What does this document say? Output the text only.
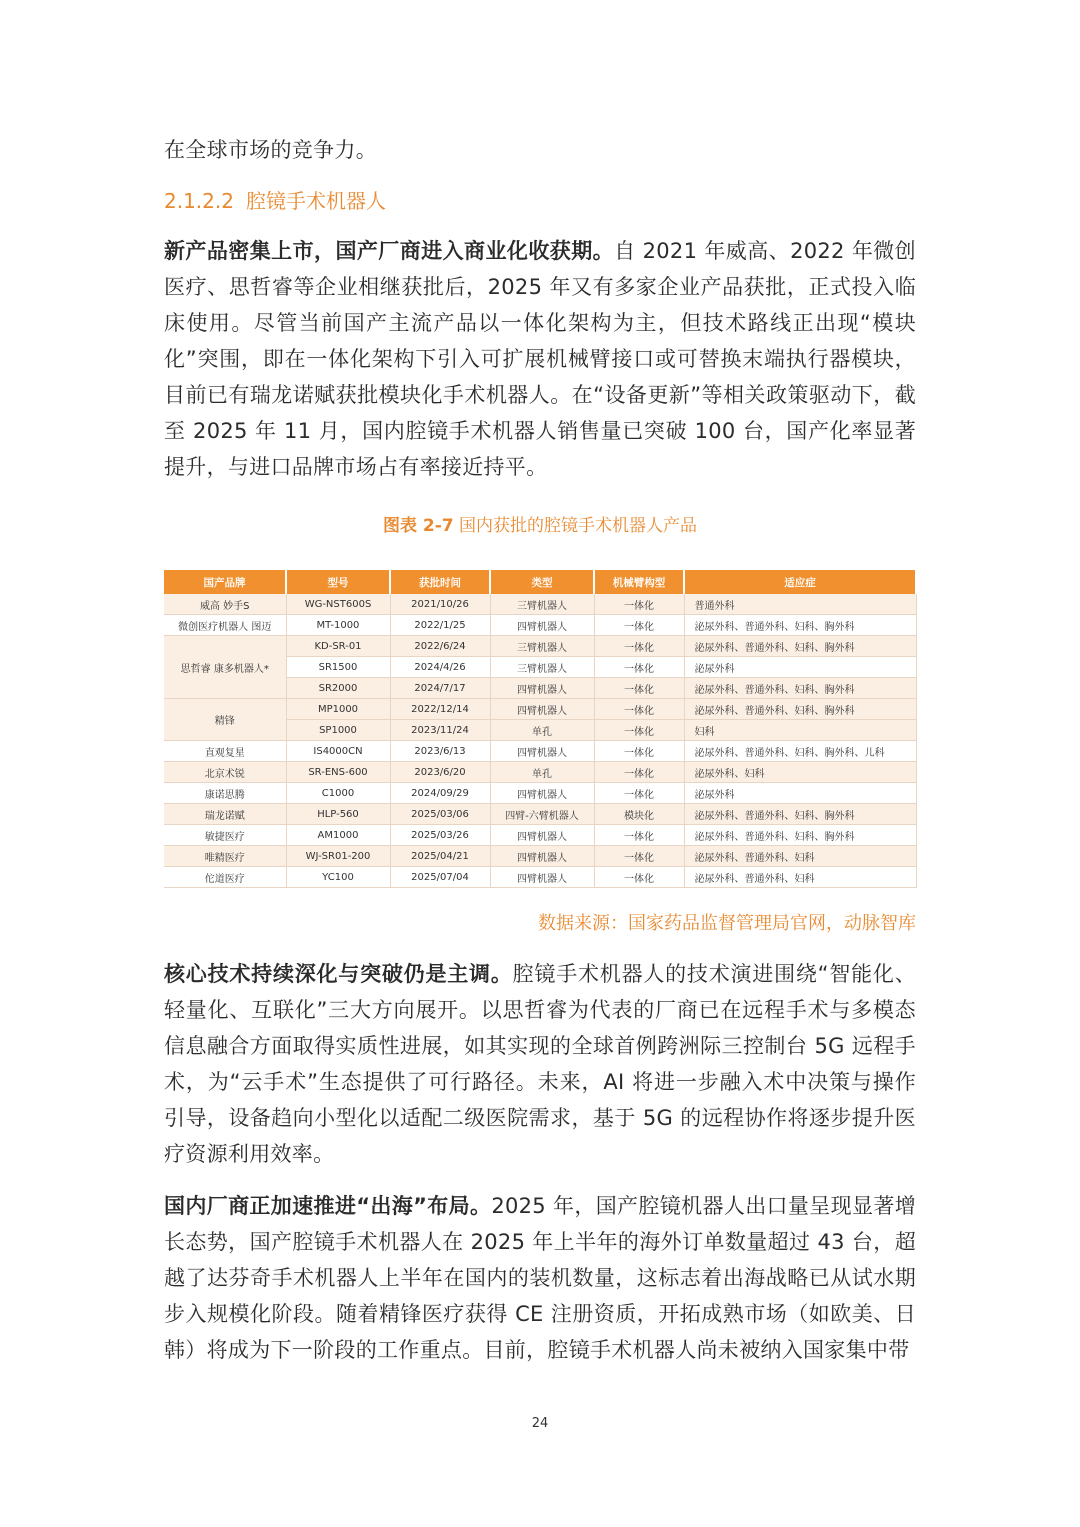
在全球市场的竞争力。

2.1.2.2 腔镜手术机器人

新产品密集上市，国产厂商进入商业化收获期。自 2021 年威高、2022 年微创医疗、思哲睿等企业相继获批后，2025 年又有多家企业产品获批，正式投入临床使用。尽管当前国产主流产品以一体化架构为主，但技术路线正出现“模块化”突围，即在一体化架构下引入可扩展机械臂接口或可替换末端执行器模块，目前已有瑞龙诺赋获批模块化手术机器人。在“设备更新”等相关政策驱动下，截至 2025 年 11 月，国内腔镜手术机器人销售量已突破 100 台，国产化率显著提升，与进口品牌市场占有率接近持平。

图表 2-7 国内获批的腔镜手术机器人产品
国产品牌	型号	获批时间	类型	机械臂构型	适应症
威高 妙手S	WG-NST600S	2021/10/26	三臂机器人	一体化	普通外科
微创医疗机器人 图迈	MT-1000	2022/1/25	四臂机器人	一体化	泌尿外科、普通外科、妇科、胸外科
思哲睿 康多机器人*	KD-SR-01	2022/6/24	三臂机器人	一体化	泌尿外科、普通外科、妇科、胸外科
	SR1500	2024/4/26	三臂机器人	一体化	泌尿外科
	SR2000	2024/7/17	四臂机器人	一体化	泌尿外科、普通外科、妇科、胸外科
精锋	MP1000	2022/12/14	四臂机器人	一体化	泌尿外科、普通外科、妇科、胸外科
	SP1000	2023/11/24	单孔	一体化	妇科
直观复星	IS4000CN	2023/6/13	四臂机器人	一体化	泌尿外科、普通外科、妇科、胸外科、儿科
北京术锐	SR-ENS-600	2023/6/20	单孔	一体化	泌尿外科、妇科
康诺思腾	C1000	2024/09/29	四臂机器人	一体化	泌尿外科
瑞龙诺赋	HLP-560	2025/03/06	四臂-六臂机器人	模块化	泌尿外科、普通外科、妇科、胸外科
敏捷医疗	AM1000	2025/03/26	四臂机器人	一体化	泌尿外科、普通外科、妇科、胸外科
唯精医疗	WJ-SR01-200	2025/04/21	四臂机器人	一体化	泌尿外科、普通外科、妇科
佗道医疗	YC100	2025/07/04	四臂机器人	一体化	泌尿外科、普通外科、妇科
数据来源：国家药品监督管理局官网，动脉智库

核心技术持续深化与突破仍是主调。腔镜手术机器人的技术演进围绕“智能化、轻量化、互联化”三大方向展开。以思哲睿为代表的厂商已在远程手术与多模态信息融合方面取得实质性进展，如其实现的全球首例跨洲际三控制台 5G 远程手术，为“云手术”生态提供了可行路径。未来，AI 将进一步融入术中决策与操作引导，设备趋向小型化以适配二级医院需求，基于 5G 的远程协作将逐步提升医疗资源利用效率。

国内厂商正加速推进“出海”布局。2025 年，国产腔镜机器人出口量呈现显著增长态势，国产腔镜手术机器人在 2025 年上半年的海外订单数量超过 43 台，超越了达芬奇手术机器人上半年在国内的装机数量，这标志着出海战略已从试水期步入规模化阶段。随着精锋医疗获得 CE 注册资质，开拓成熟市场（如欧美、日韩）将成为下一阶段的工作重点。目前，腔镜手术机器人尚未被纳入国家集中带

24
